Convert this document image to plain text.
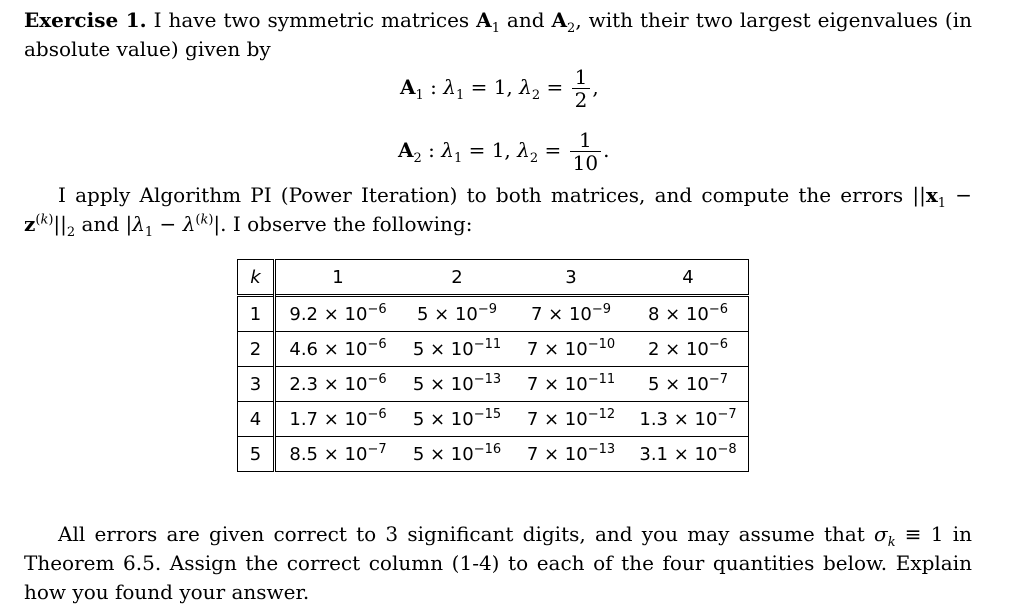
Exercise 1. I have two symmetric matrices $A_1$ and $A_2$, with their two largest eigenvalues (in absolute value) given by
$A_1$ : $\lambda_1 = 1$, $\lambda_2 = \frac{1}{2}$ ,
$A_2$ : $\lambda_1 = 1$, $\lambda_2 = \frac{1}{10}$ .
I apply Algorithm PI (Power Iteration) to both matrices, and compute the errors $||x_1 - z^{(k)}||_2$ and $|\lambda_1 - \lambda^{(k)}|$. I observe the following:
k	1	2	3	4
1	$9.2 \times 10^{-6}$	$5 \times 10^{-9}$	$7 \times 10^{-9}$	$8 \times 10^{-6}$
2	$4.6 \times 10^{-6}$	$5 \times 10^{-11}$	$7 \times 10^{-10}$	$2 \times 10^{-6}$
3	$2.3 \times 10^{-6}$	$5 \times 10^{-13}$	$7 \times 10^{-11}$	$5 \times 10^{-7}$
4	$1.7 \times 10^{-6}$	$5 \times 10^{-15}$	$7 \times 10^{-12}$	$1.3 \times 10^{-7}$
5	$8.5 \times 10^{-7}$	$5 \times 10^{-16}$	$7 \times 10^{-13}$	$3.1 \times 10^{-8}$
All errors are given correct to 3 significant digits, and you may assume that $\sigma_k \equiv 1$ in Theorem 6.5. Assign the correct column (1-4) to each of the four quantities below. Explain how you found your answer.
